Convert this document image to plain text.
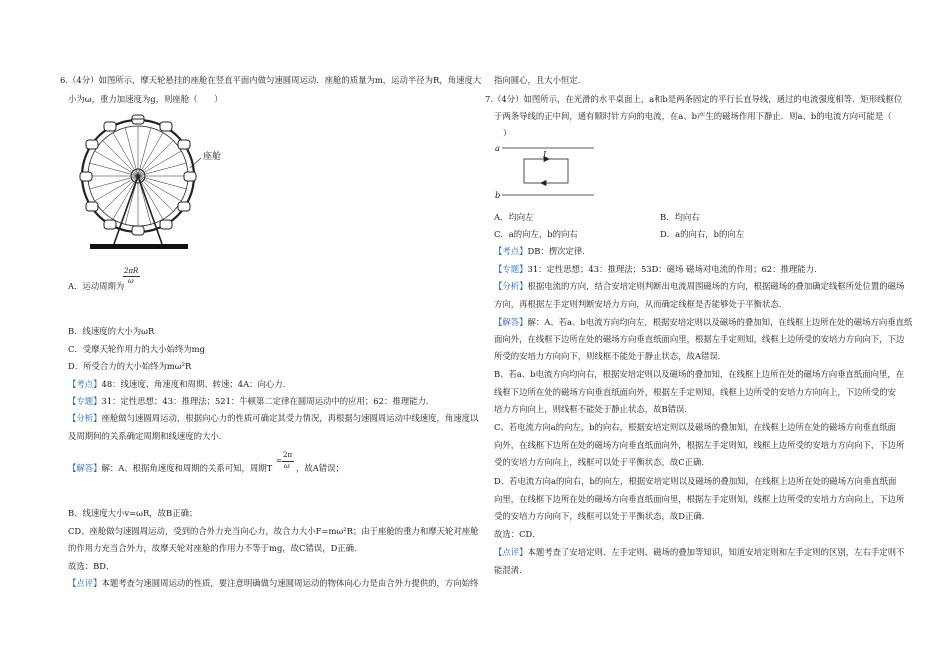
6.（4分）如图所示，摩天轮悬挂的座舱在竖直平面内做匀速圆周运动．座舱的质量为m，运动半径为R，角速度大
小为ω，重力加速度为g，则座舱（　　）
座舱
2πR
ω
A．运动周期为
B．线速度的大小为ωR
C．受摩天轮作用力的大小始终为mg
D．所受合力的大小始终为mω²R
【考点】48：线速度、角速度和周期、转速；4A：向心力．
【专题】31：定性思想；43：推理法；521：牛顿第二定律在圆周运动中的应用；62：推理能力．
【分析】座舱做匀速圆周运动，根据向心力的性质可确定其受力情况，再根据匀速圆周运动中线速度，角速度以
及周期间的关系确定周期和线速度的大小．
【解答】解：A、根据角速度和周期的关系可知，周期T
2π
ω
=
，故A错误；
B、线速度大小v=ωR，故B正确；
CD、座舱做匀速圆周运动，受到的合外力充当向心力，故合力大小F=mω²R；由于座舱的重力和摩天轮对座舱
的作用力充当合外力，故摩天轮对座舱的作用力不等于mg，故C错误，D正确．
故选：BD．
【点评】本题考查匀速圆周运动的性质，要注意明确做匀速圆周运动的物体向心力是由合外力提供的，方向始终
指向圆心，且大小恒定．
7.（4分）如图所示，在光滑的水平桌面上，a和b是两条固定的平行长直导线，通过的电流强度相等．矩形线框位
于两条导线的正中间，通有顺时针方向的电流，在a、b产生的磁场作用下静止．则a、b的电流方向可能是（
）
a
b
I
A．均向左	B．均向右
C．a的向左，b的向右	D．a的向右，b的向左
【考点】DB：楞次定律．
【专题】31：定性思想；43：推理法；53D：磁场 磁场对电流的作用；62：推理能力．
【分析】根据电流的方向，结合安培定则判断出电流周围磁场的方向，根据磁场的叠加确定线框所处位置的磁场
方向，再根据左手定则判断安培力方向，从而确定线框是否能够处于平衡状态．
【解答】解：A、若a、b电流方向均向左，根据安培定则以及磁场的叠加知，在线框上边所在处的磁场方向垂直纸
面向外，在线框下边所在处的磁场方向垂直纸面向里，根据左手定则知，线框上边所受的安培力方向向下，下边
所受的安培力方向向下，则线框不能处于静止状态，故A错误．
B、若a、b电流方向均向右，根据安培定则以及磁场的叠加知，在线框上边所在处的磁场方向垂直纸面向里，在
线框下边所在处的磁场方向垂直纸面向外，根据左手定则知，线框上边所受的安培力方向向上，下边所受的安
培力方向向上，则线框不能处于静止状态，故B错误．
C、若电流方向a的向左，b的向右，根据安培定则以及磁场的叠加知，在线框上边所在处的磁场方向垂直纸面
向外，在线框下边所在处的磁场方向垂直纸面向外，根据左手定则知，线框上边所受的安培力方向向下，下边所
受的安培力方向向上，线框可以处于平衡状态，故C正确．
D、若电流方向a的向右，b的向左，根据安培定则以及磁场的叠加知，在线框上边所在处的磁场方向垂直纸面
向里，在线框下边所在处的磁场方向垂直纸面向里，根据左手定则知，线框上边所受的安培力方向向上，下边所
受的安培力方向向下，线框可以处于平衡状态，故D正确．
故选：CD．
【点评】本题考查了安培定则、左手定则、磁场的叠加等知识，知道安培定则和左手定则的区别，左右手定则不
能混淆．
